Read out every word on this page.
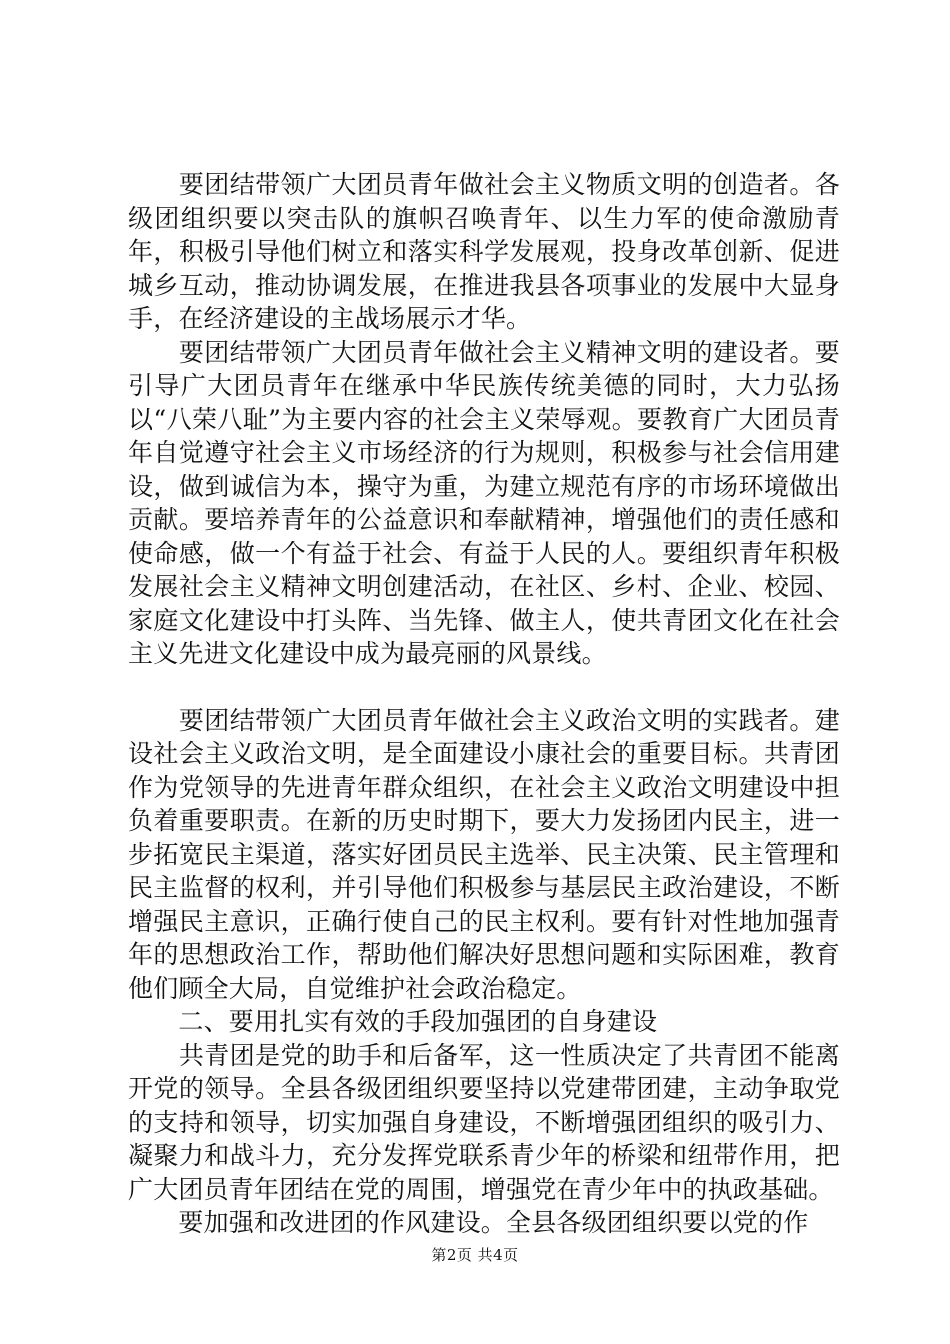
　　要团结带领广大团员青年做社会主义物质文明的创造者。各级团组织要以突击队的旗帜召唤青年、以生力军的使命激励青年，积极引导他们树立和落实科学发展观，投身改革创新、促进城乡互动，推动协调发展，在推进我县各项事业的发展中大显身手，在经济建设的主战场展示才华。

　　要团结带领广大团员青年做社会主义精神文明的建设者。要引导广大团员青年在继承中华民族传统美德的同时，大力弘扬以“八荣八耻”为主要内容的社会主义荣辱观。要教育广大团员青年自觉遵守社会主义市场经济的行为规则，积极参与社会信用建设，做到诚信为本，操守为重，为建立规范有序的市场环境做出贡献。要培养青年的公益意识和奉献精神，增强他们的责任感和使命感，做一个有益于社会、有益于人民的人。要组织青年积极发展社会主义精神文明创建活动，在社区、乡村、企业、校园、家庭文化建设中打头阵、当先锋、做主人，使共青团文化在社会主义先进文化建设中成为最亮丽的风景线。

　　要团结带领广大团员青年做社会主义政治文明的实践者。建设社会主义政治文明，是全面建设小康社会的重要目标。共青团作为党领导的先进青年群众组织，在社会主义政治文明建设中担负着重要职责。在新的历史时期下，要大力发扬团内民主，进一步拓宽民主渠道，落实好团员民主选举、民主决策、民主管理和民主监督的权利，并引导他们积极参与基层民主政治建设，不断增强民主意识，正确行使自己的民主权利。要有针对性地加强青年的思想政治工作，帮助他们解决好思想问题和实际困难，教育他们顾全大局，自觉维护社会政治稳定。

　　二、要用扎实有效的手段加强团的自身建设

　　共青团是党的助手和后备军，这一性质决定了共青团不能离开党的领导。全县各级团组织要坚持以党建带团建，主动争取党的支持和领导，切实加强自身建设，不断增强团组织的吸引力、凝聚力和战斗力，充分发挥党联系青少年的桥梁和纽带作用，把广大团员青年团结在党的周围，增强党在青少年中的执政基础。

　　要加强和改进团的作风建设。全县各级团组织要以党的作

第2页 共4页
